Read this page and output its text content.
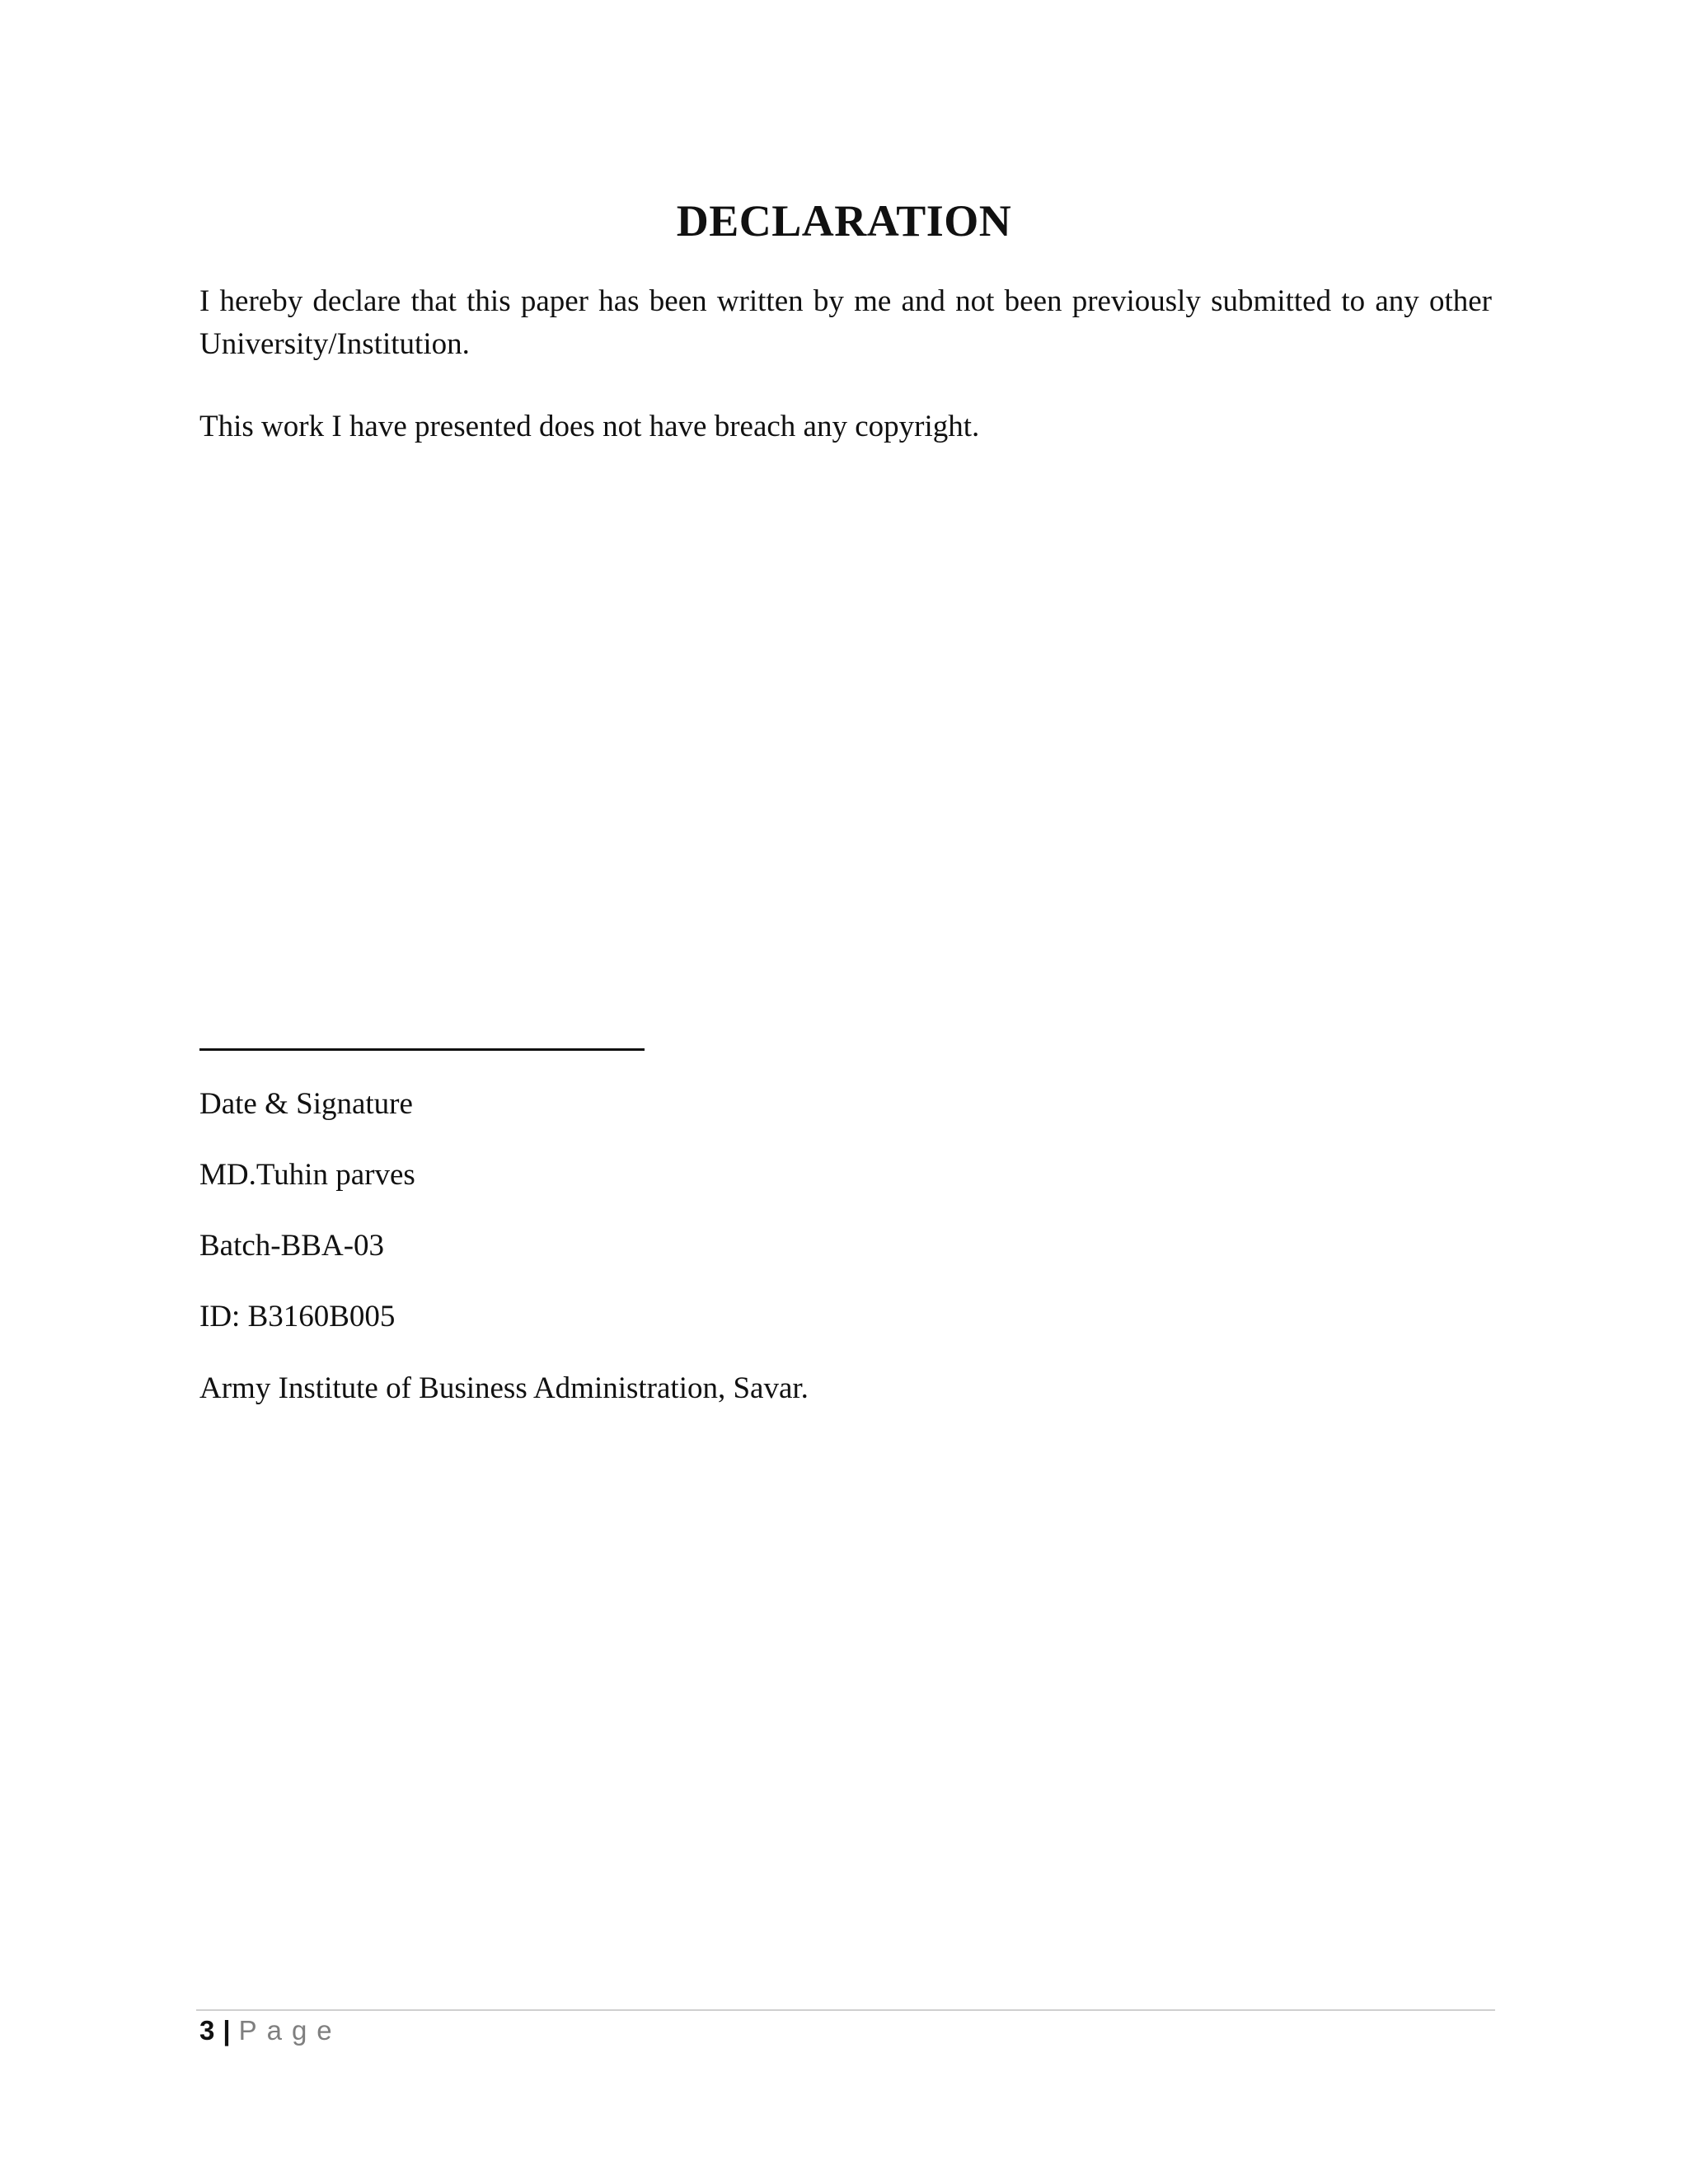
DECLARATION
I hereby declare that this paper has been written by me and not been previously submitted to any other University/Institution.
This work I have presented does not have breach any copyright.
Date & Signature
MD.Tuhin parves
Batch-BBA-03
ID: B3160B005
Army Institute of Business Administration, Savar.
3 | Page
